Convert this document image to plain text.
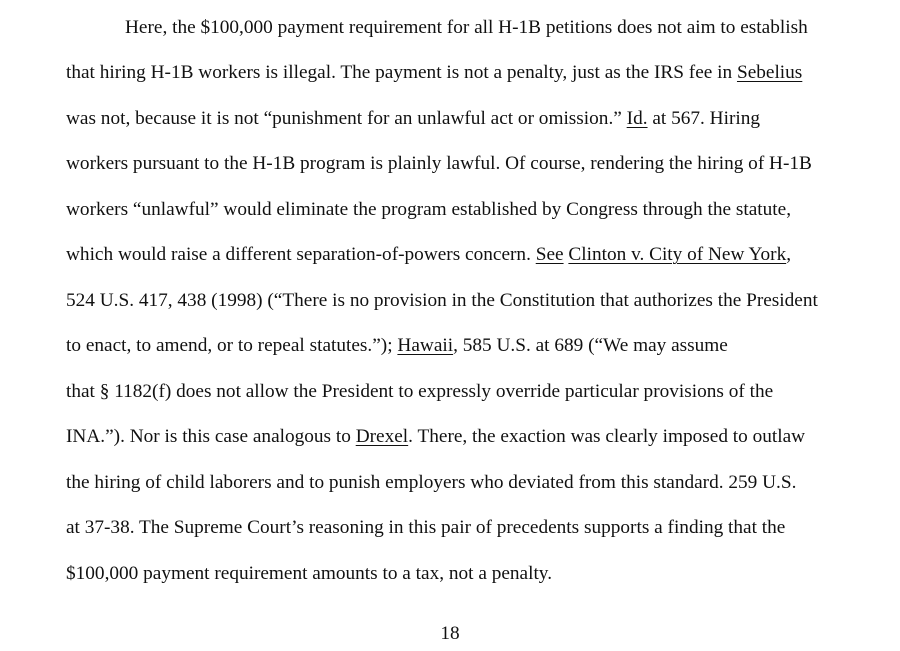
Here, the $100,000 payment requirement for all H-1B petitions does not aim to establish
that hiring H-1B workers is illegal. The payment is not a penalty, just as the IRS fee in Sebelius
was not, because it is not “punishment for an unlawful act or omission.” Id. at 567. Hiring
workers pursuant to the H-1B program is plainly lawful. Of course, rendering the hiring of H-1B
workers “unlawful” would eliminate the program established by Congress through the statute,
which would raise a different separation-of-powers concern. See Clinton v. City of New York,
524 U.S. 417, 438 (1998) (“There is no provision in the Constitution that authorizes the President
to enact, to amend, or to repeal statutes.”); Hawaii, 585 U.S. at 689 (“We may assume
that § 1182(f) does not allow the President to expressly override particular provisions of the
INA.”). Nor is this case analogous to Drexel. There, the exaction was clearly imposed to outlaw
the hiring of child laborers and to punish employers who deviated from this standard. 259 U.S.
at 37-38. The Supreme Court’s reasoning in this pair of precedents supports a finding that the
$100,000 payment requirement amounts to a tax, not a penalty.
18
